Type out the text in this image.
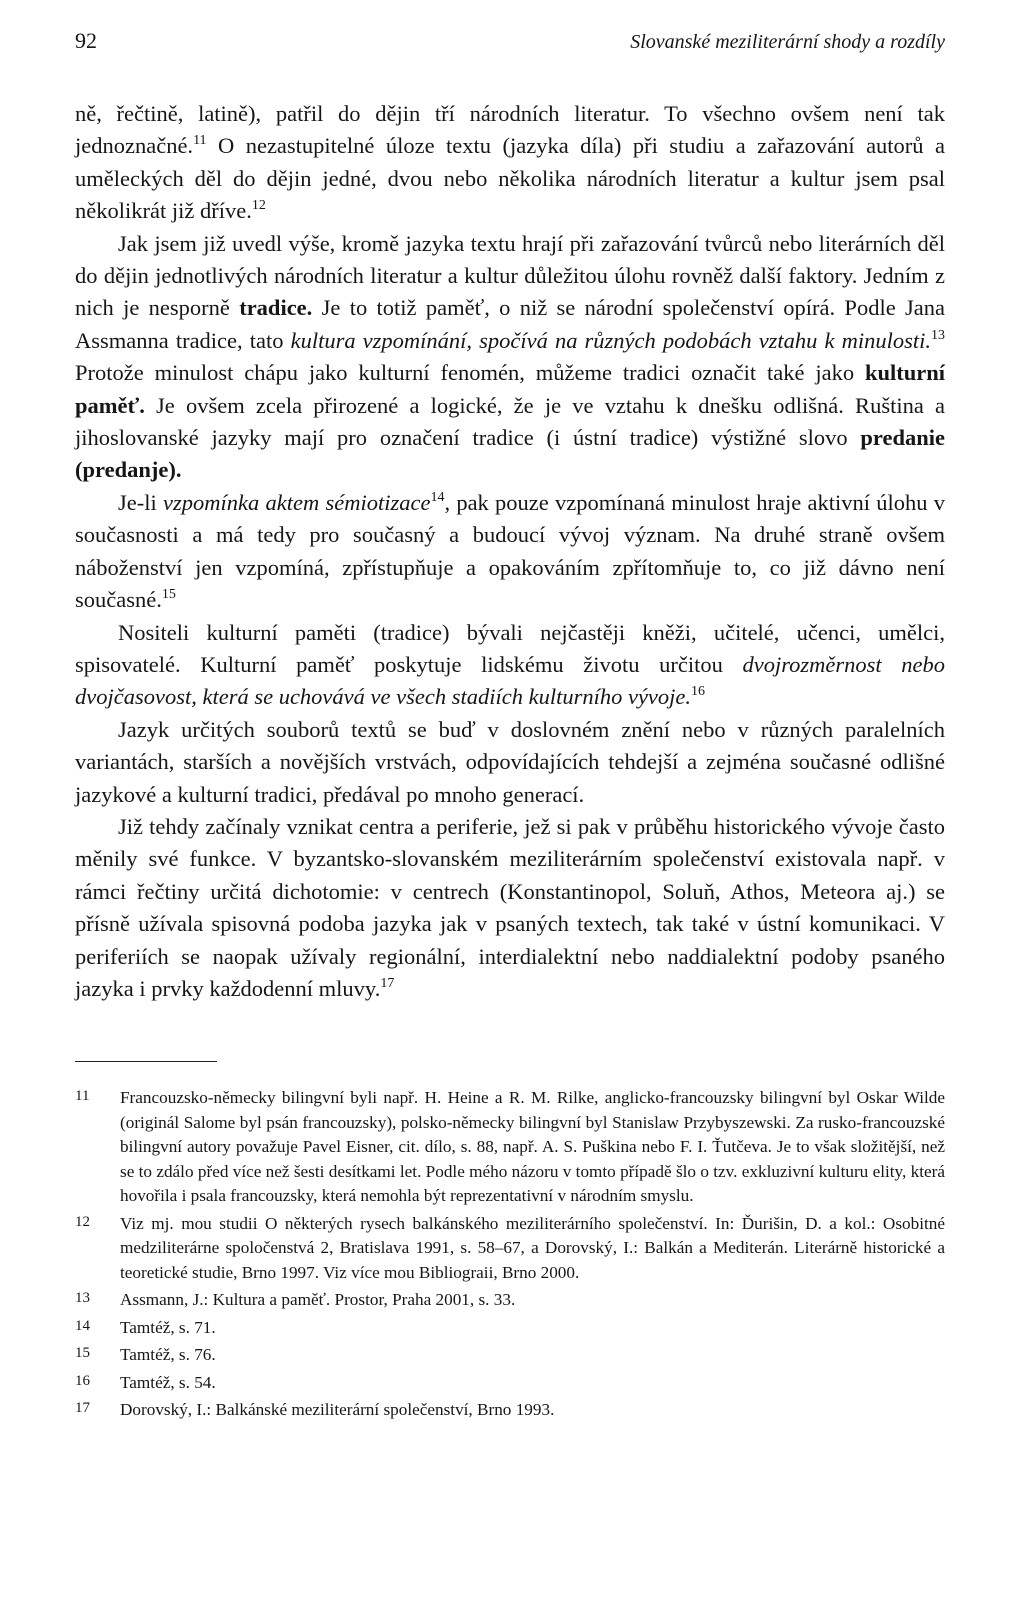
92	Slovanské meziliterární shody a rozdíly

ně, řečtině, latině), patřil do dějin tří národních literatur. To všechno ovšem není tak jednoznačné.$^{11}$ O nezastupitelné úloze textu (jazyka díla) při studiu a zařazování autorů a uměleckých děl do dějin jedné, dvou nebo několika národních literatur a kultur jsem psal několikrát již dříve.$^{12}$

Jak jsem již uvedl výše, kromě jazyka textu hrají při zařazování tvůrců nebo literárních děl do dějin jednotlivých národních literatur a kultur důležitou úlohu rovněž další faktory. Jedním z nich je nesporně tradice. Je to totiž paměť, o niž se národní společenství opírá. Podle Jana Assmanna tradice, tato kultura vzpomínání, spočívá na různých podobách vztahu k minulosti.$^{13}$ Protože minulost chápu jako kulturní fenomén, můžeme tradici označit také jako kulturní paměť. Je ovšem zcela přirozené a logické, že je ve vztahu k dnešku odlišná. Ruština a jihoslovanské jazyky mají pro označení tradice (i ústní tradice) výstižné slovo predanie (predanje).

Je-li vzpomínka aktem sémiotizace$^{14}$, pak pouze vzpomínaná minulost hraje aktivní úlohu v současnosti a má tedy pro současný a budoucí vývoj význam. Na druhé straně ovšem náboženství jen vzpomíná, zpřístupňuje a opakováním zpřítomňuje to, co již dávno není současné.$^{15}$

Nositeli kulturní paměti (tradice) bývali nejčastěji kněži, učitelé, učenci, umělci, spisovatelé. Kulturní paměť poskytuje lidskému životu určitou dvojrozměrnost nebo dvojčasovost, která se uchovává ve všech stadiích kulturního vývoje.$^{16}$

Jazyk určitých souborů textů se buď v doslovném znění nebo v různých paralelních variantách, starších a novějších vrstvách, odpovídajících tehdejší a zejména současné odlišné jazykové a kulturní tradici, předával po mnoho generací.

Již tehdy začínaly vznikat centra a periferie, jež si pak v průběhu historického vývoje často měnily své funkce. V byzantsko-slovanském meziliterárním společenství existovala např. v rámci řečtiny určitá dichotomie: v centrech (Konstantinopol, Soluň, Athos, Meteora aj.) se přísně užívala spisovná podoba jazyka jak v psaných textech, tak také v ústní komunikaci. V periferiích se naopak užívaly regionální, interdialektní nebo naddialektní podoby psaného jazyka i prvky každodenní mluvy.$^{17}$

11	Francouzsko-německy bilingvní byli např. H. Heine a R. M. Rilke, anglicko-francouzsky bilingvní byl Oskar Wilde (originál Salome byl psán francouzsky), polsko-německy bilingvní byl Stanislaw Przybyszewski. Za rusko-francouzské bilingvní autory považuje Pavel Eisner, cit. dílo, s. 88, např. A. S. Puškina nebo F. I. Ťutčeva. Je to však složitější, než se to zdálo před více než šesti desítkami let. Podle mého názoru v tomto případě šlo o tzv. exkluzivní kulturu elity, která hovořila i psala francouzsky, která nemohla být reprezentativní v národním smyslu.
12	Viz mj. mou studii O některých rysech balkánského meziliterárního společenství. In: Ďurišin, D. a kol.: Osobitné medziliterárne spoločenstvá 2, Bratislava 1991, s. 58–67, a Dorovský, I.: Balkán a Mediterán. Literárně historické a teoretické studie, Brno 1997. Viz více mou Bibliograii, Brno 2000.
13	Assmann, J.: Kultura a paměť. Prostor, Praha 2001, s. 33.
14	Tamtéž, s. 71.
15	Tamtéž, s. 76.
16	Tamtéž, s. 54.
17	Dorovský, I.: Balkánské meziliterární společenství, Brno 1993.
